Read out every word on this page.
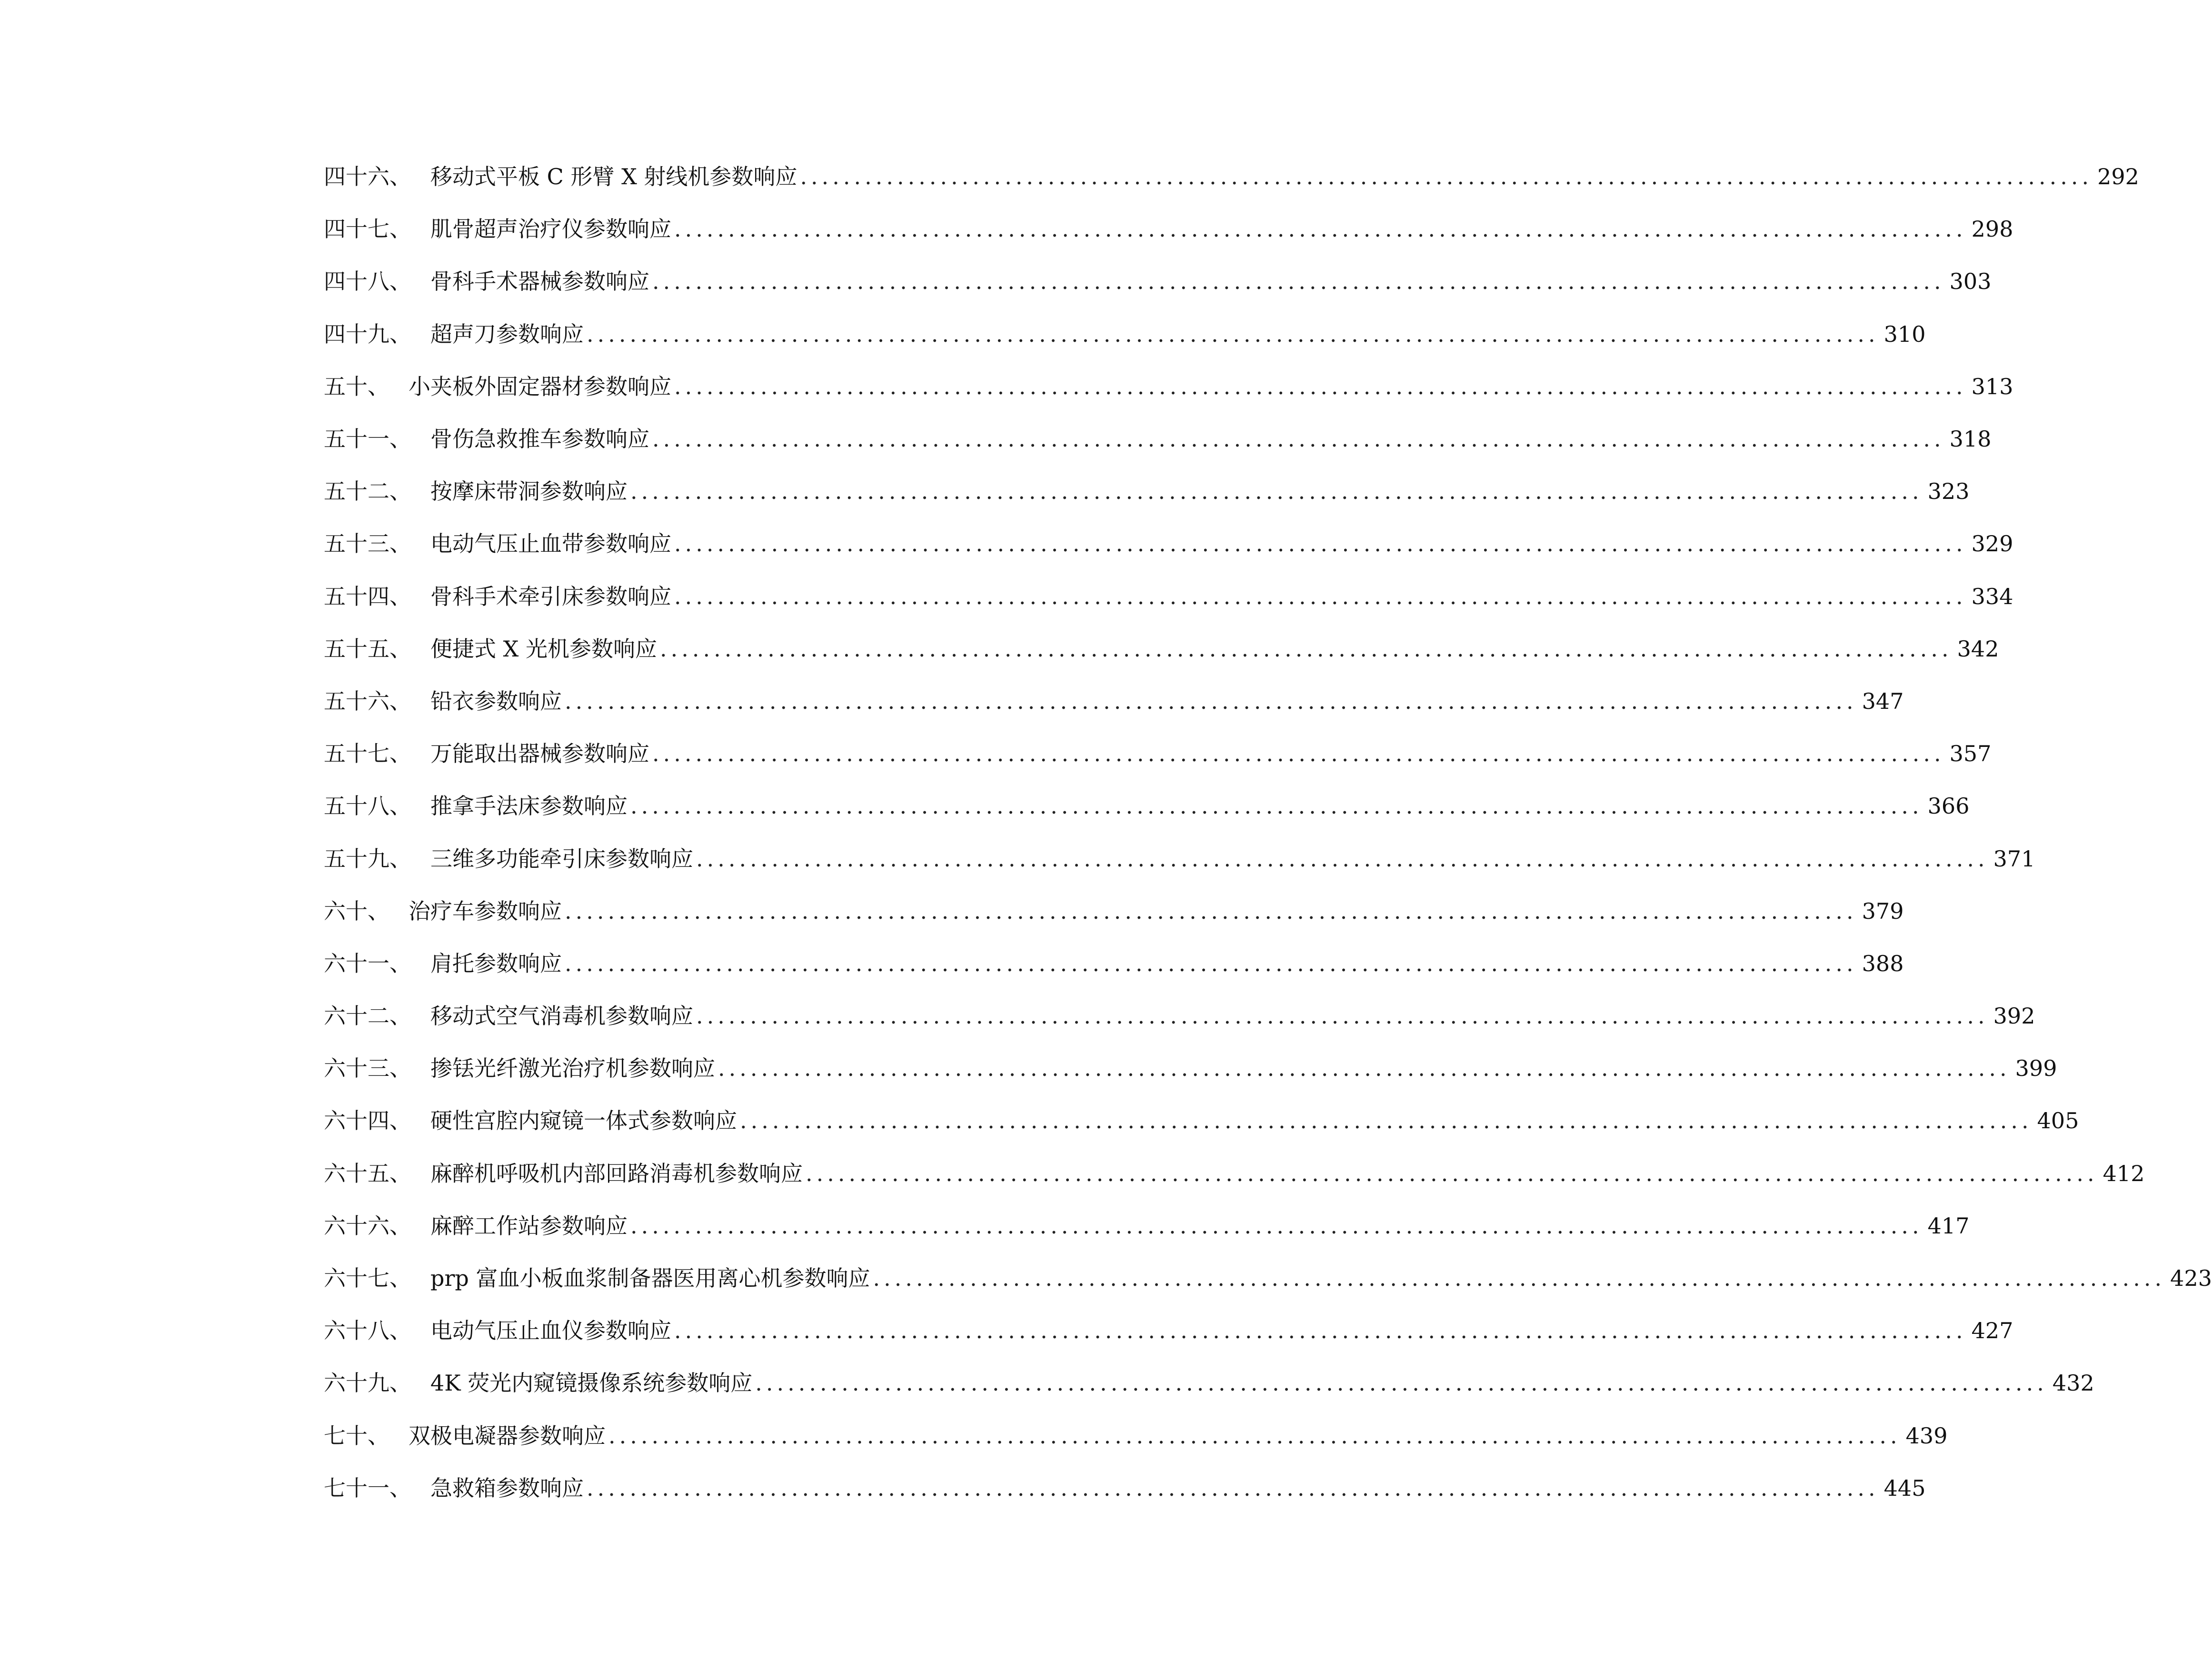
四十六、 移动式平板 C 形臂 X 射线机参数响应 ........................................................................................................................ 292
四十七、 肌骨超声治疗仪参数响应 ........................................................................................................................ 298
四十八、 骨科手术器械参数响应 ........................................................................................................................ 303
四十九、 超声刀参数响应 ........................................................................................................................ 310
五十、 小夹板外固定器材参数响应 ........................................................................................................................ 313
五十一、 骨伤急救推车参数响应 ........................................................................................................................ 318
五十二、 按摩床带洞参数响应 ........................................................................................................................ 323
五十三、 电动气压止血带参数响应 ........................................................................................................................ 329
五十四、 骨科手术牵引床参数响应 ........................................................................................................................ 334
五十五、 便捷式 X 光机参数响应 ........................................................................................................................ 342
五十六、 铅衣参数响应 ........................................................................................................................ 347
五十七、 万能取出器械参数响应 ........................................................................................................................ 357
五十八、 推拿手法床参数响应 ........................................................................................................................ 366
五十九、 三维多功能牵引床参数响应 ........................................................................................................................ 371
六十、 治疗车参数响应 ........................................................................................................................ 379
六十一、 肩托参数响应 ........................................................................................................................ 388
六十二、 移动式空气消毒机参数响应 ........................................................................................................................ 392
六十三、 掺铥光纤激光治疗机参数响应 ........................................................................................................................ 399
六十四、 硬性宫腔内窥镜一体式参数响应 ........................................................................................................................ 405
六十五、 麻醉机呼吸机内部回路消毒机参数响应 ........................................................................................................................ 412
六十六、 麻醉工作站参数响应 ........................................................................................................................ 417
六十七、 prp 富血小板血浆制备器医用离心机参数响应 ........................................................................................................................ 423
六十八、 电动气压止血仪参数响应 ........................................................................................................................ 427
六十九、 4K 荧光内窥镜摄像系统参数响应 ........................................................................................................................ 432
七十、 双极电凝器参数响应 ........................................................................................................................ 439
七十一、 急救箱参数响应 ........................................................................................................................ 445
